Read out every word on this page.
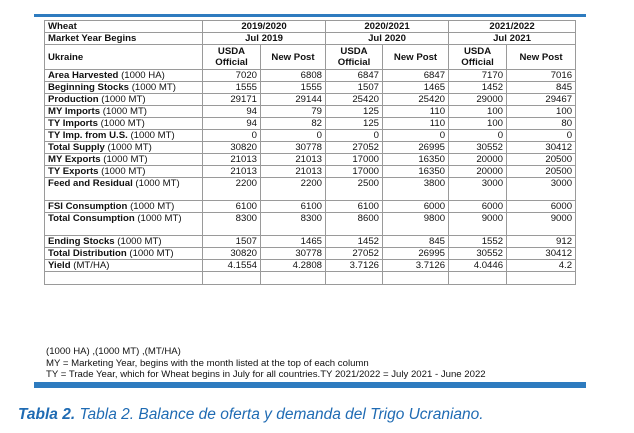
Wheat	2019/2020		2020/2021		2021/2022	
Market Year Begins	Jul 2019		Jul 2020		Jul 2021	
Ukraine	USDA Official	New Post	USDA Official	New Post	USDA Official	New Post
Area Harvested (1000 HA)	7020	6808	6847	6847	7170	7016
Beginning Stocks (1000 MT)	1555	1555	1507	1465	1452	845
Production (1000 MT)	29171	29144	25420	25420	29000	29467
MY Imports (1000 MT)	94	79	125	110	100	100
TY Imports (1000 MT)	94	82	125	110	100	80
TY Imp. from U.S. (1000 MT)	0	0	0	0	0	0
Total Supply (1000 MT)	30820	30778	27052	26995	30552	30412
MY Exports (1000 MT)	21013	21013	17000	16350	20000	20500
TY Exports (1000 MT)	21013	21013	17000	16350	20000	20500
Feed and Residual (1000 MT)	2200	2200	2500	3800	3000	3000
FSI Consumption (1000 MT)	6100	6100	6100	6000	6000	6000
Total Consumption (1000 MT)	8300	8300	8600	9800	9000	9000
Ending Stocks (1000 MT)	1507	1465	1452	845	1552	912
Total Distribution (1000 MT)	30820	30778	27052	26995	30552	30412
Yield (MT/HA)	4.1554	4.2808	3.7126	3.7126	4.0446	4.2

(1000 HA) ,(1000 MT) ,(MT/HA)
MY = Marketing Year, begins with the month listed at the top of each column
TY = Trade Year, which for Wheat begins in July for all countries.TY 2021/2022 = July 2021 - June 2022
Tabla 2. Tabla 2. Balance de oferta y demanda del Trigo Ucraniano.
